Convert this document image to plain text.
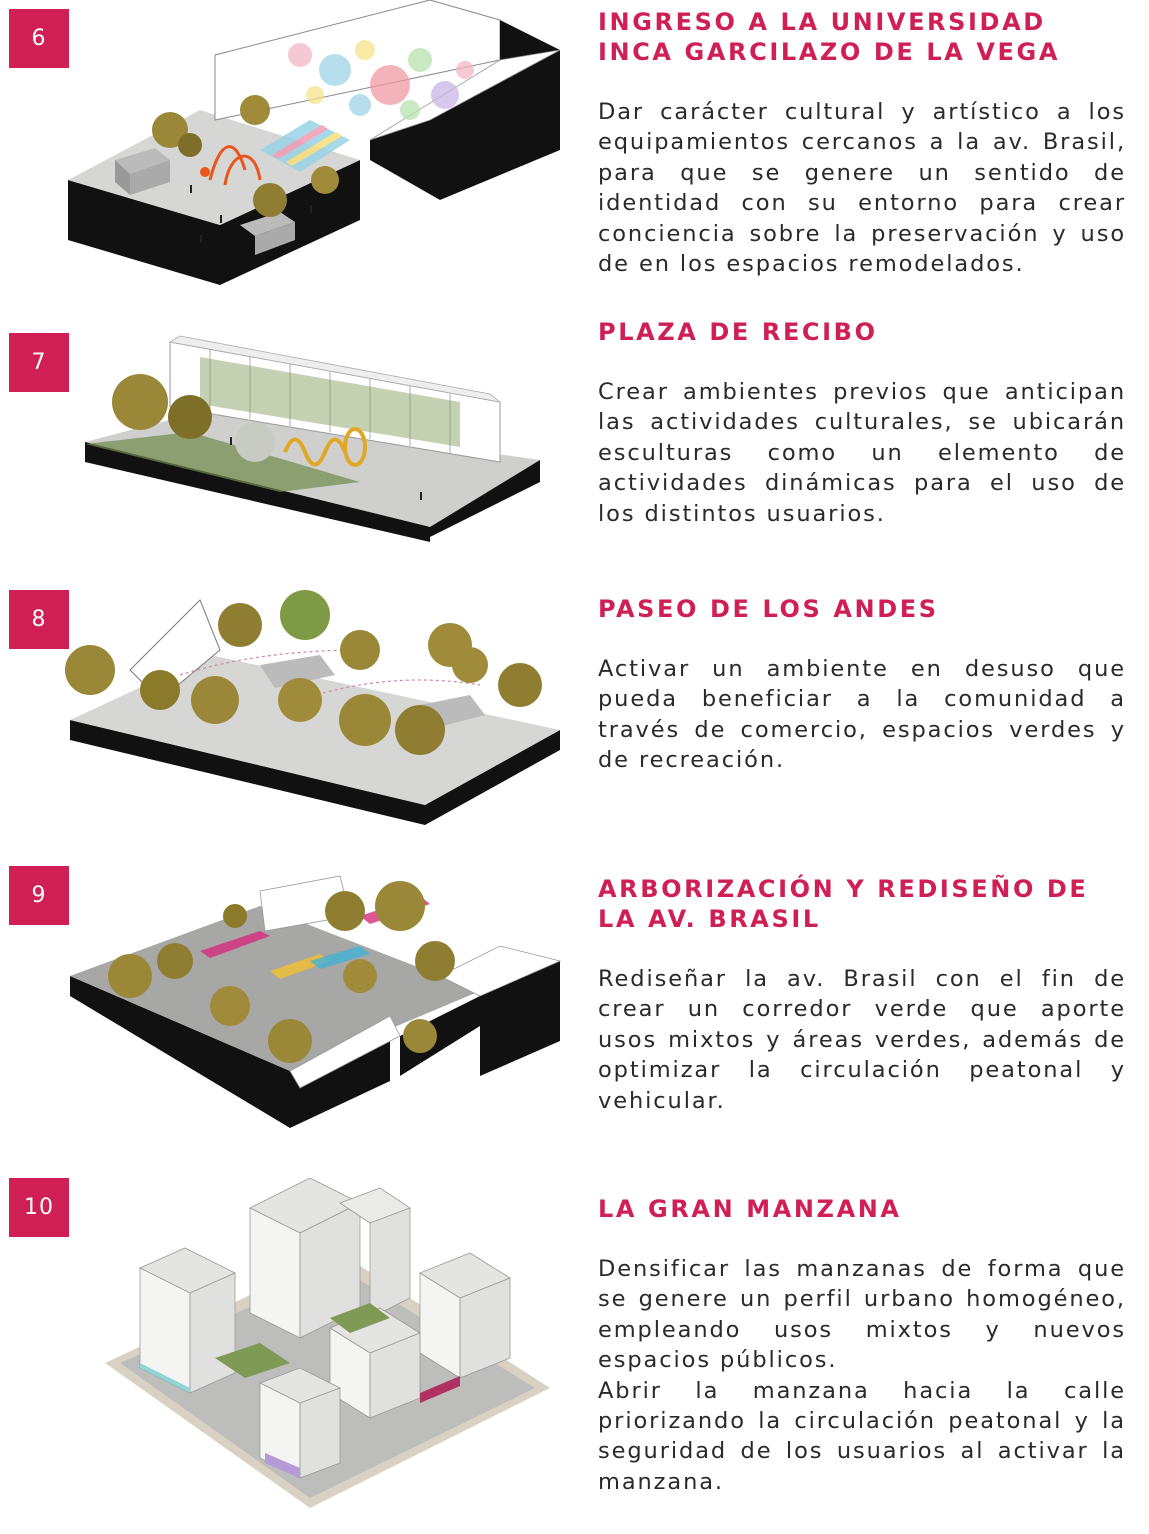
6
INGRESO A LA UNIVERSIDAD INCA GARCILAZO DE LA VEGA

Dar carácter cultural y artístico a los equipamientos cercanos a la av. Brasil, para que se genere un sentido de identidad con su entorno para crear conciencia sobre la preservación y uso de en los espacios remodelados.

7
PLAZA DE RECIBO

Crear ambientes previos que anticipan las actividades culturales, se ubicarán esculturas como un elemento de actividades dinámicas para el uso de los distintos usuarios.

8	PASEO DE LOS ANDES

Activar un ambiente en desuso que pueda beneficiar a la comunidad a través de comercio, espacios verdes y de recreación.

9	ARBORIZACIÓN Y REDISEÑO DE LA AV. BRASIL

Rediseñar la av. Brasil con el fin de crear un corredor verde que aporte usos mixtos y áreas verdes, además de optimizar la circulación peatonal y vehicular.

10	LA GRAN MANZANA

Densificar las manzanas de forma que se genere un perfil urbano homogéneo, empleando usos mixtos y nuevos espacios públicos.

Abrir la manzana hacia la calle priorizando la circulación peatonal y la seguridad de los usuarios al activar la manzana.
